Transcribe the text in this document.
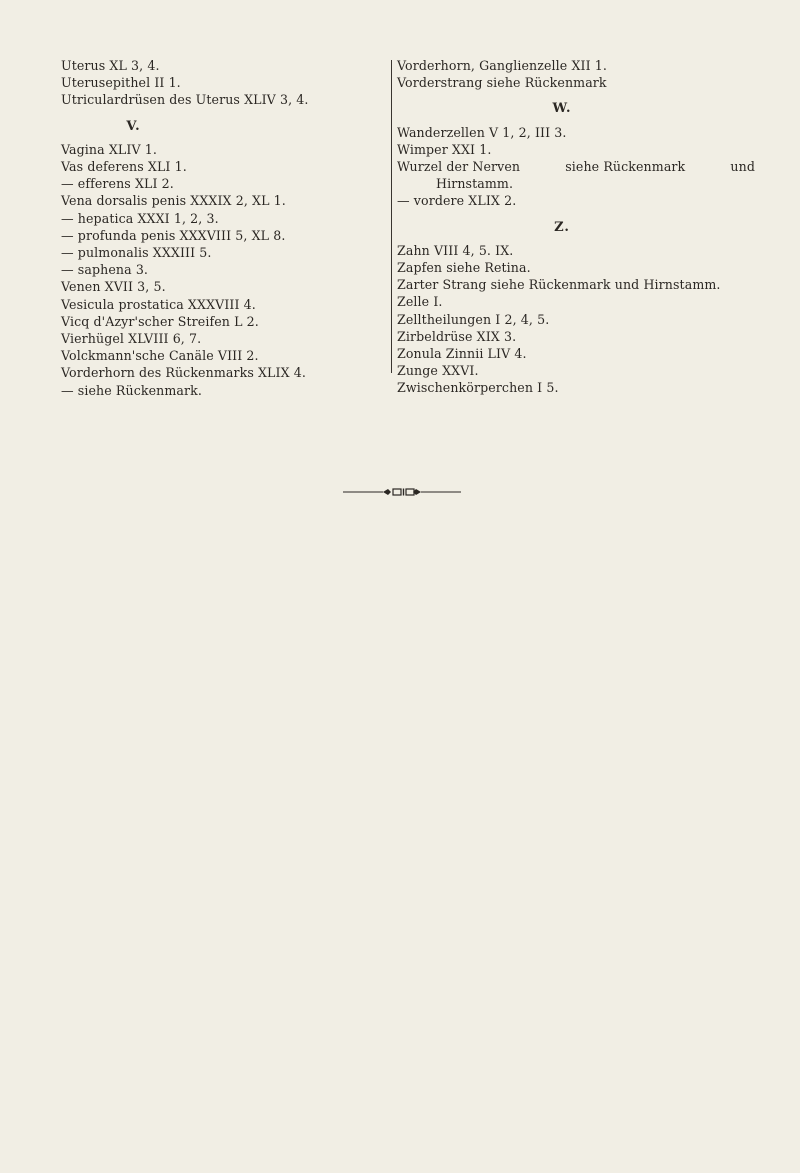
Uterus XL 3, 4.
Uterusepithel II 1.
Utriculardrüsen des Uterus XLIV 3, 4.
V.
Vagina XLIV 1.
Vas deferens XLI 1.
— efferens XLI 2.
Vena dorsalis penis XXXIX 2, XL 1.
— hepatica XXXI 1, 2, 3.
— profunda penis XXXVIII 5, XL 8.
— pulmonalis XXXIII 5.
— saphena 3.
Venen XVII 3, 5.
Vesicula prostatica XXXVIII 4.
Vicq d'Azyr'scher Streifen L 2.
Vierhügel XLVIII 6, 7.
Volckmann'sche Canäle VIII 2.
Vorderhorn des Rückenmarks XLIX 4.
— siehe Rückenmark.
Vorderhorn, Ganglienzelle XII 1.
Vorderstrang siehe Rückenmark
W.
Wanderzellen V 1, 2, III 3.
Wimper XXI 1.
Wurzel der Nerven	siehe Rückenmark	und
Hirnstamm.
— vordere XLIX 2.
Z.
Zahn VIII 4, 5. IX.
Zapfen siehe Retina.
Zarter Strang siehe Rückenmark und Hirnstamm.
Zelle I.
Zelltheilungen I 2, 4, 5.
Zirbeldrüse XIX 3.
Zonula Zinnii LIV 4.
Zunge XXVI.
Zwischenkörperchen I 5.
